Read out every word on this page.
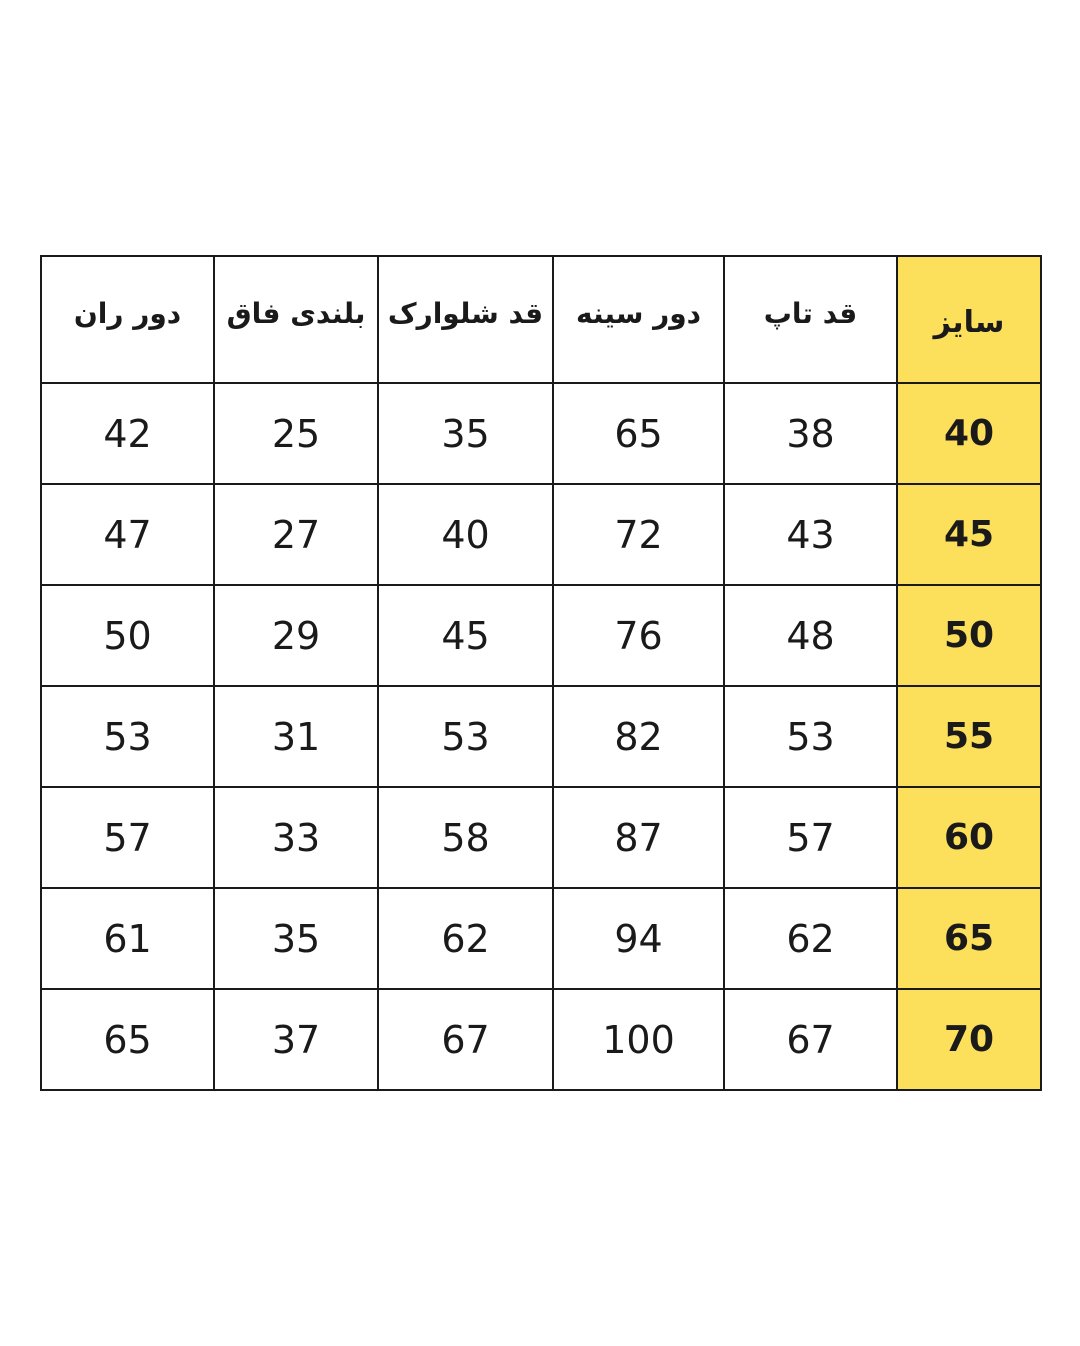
دور ران	بلندی فاق	قد شلوارک	دور سینه	قد تاپ	سایز
42	25	35	65	38	40
47	27	40	72	43	45
50	29	45	76	48	50
53	31	53	82	53	55
57	33	58	87	57	60
61	35	62	94	62	65
65	37	67	100	67	70
